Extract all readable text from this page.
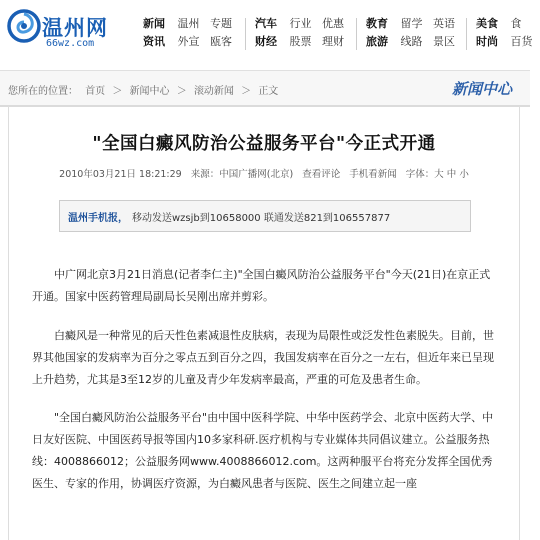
温州网
66wz.com
新闻 温州 专题
资讯 外宣 瓯客
汽车 行业 优惠
财经 股票 理财
教育 留学 英语
旅游 线路 景区
美食 食
时尚 百货
您所在的位置： 首页 ＞ 新闻中心 ＞ 滚动新闻 ＞ 正文	新闻中心
"全国白癜风防治公益服务平台"今正式开通
2010年03月21日 18:21:29 来源：中国广播网(北京) 查看评论 手机看新闻 字体：大 中 小
温州手机报， 移动发送wzsjb到10658000 联通发送821到106557877
中广网北京3月21日消息(记者李仁主)"全国白癜风防治公益服务平台"今天(21日)在京正式开通。国家中医药管理局副局长吴刚出席并剪彩。
白癜风是一种常见的后天性色素减退性皮肤病，表现为局限性或泛发性色素脱失。目前，世界其他国家的发病率为百分之零点五到百分之四，我国发病率在百分之一左右，但近年来已呈现上升趋势，尤其是3至12岁的儿童及青少年发病率最高，严重的可危及患者生命。
"全国白癜风防治公益服务平台"由中国中医科学院、中华中医药学会、北京中医药大学、中日友好医院、中国医药导报等国内10多家科研.医疗机构与专业媒体共同倡议建立。公益服务热线：4008866012；公益服务网www.4008866012.com。这两种服平台将充分发挥全国优秀医生、专家的作用，协调医疗资源，为白癜风患者与医院、医生之间建立起一座
